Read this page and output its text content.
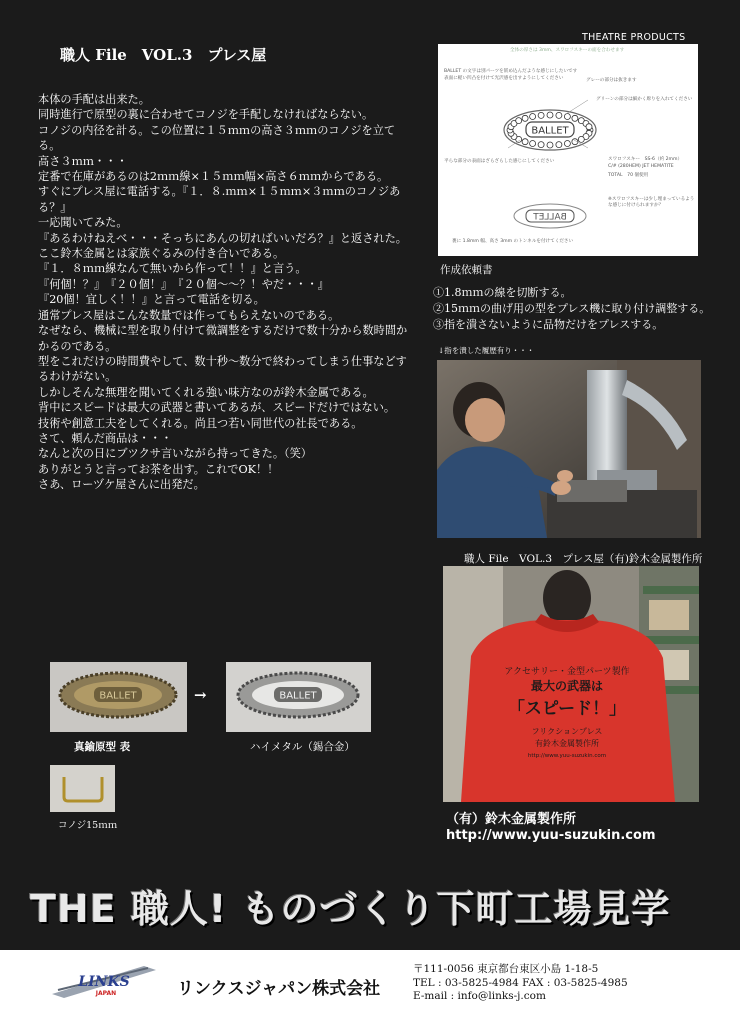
職人 File　VOL.3　プレス屋
本体の手配は出来た。
同時進行で原型の裏に合わせてコノジを手配しなければならない。
コノジの内径を計る。この位置に１５ｍｍの高さ３ｍｍのコノジを立てる。
高さ３ｍｍ・・・
定番で在庫があるのは2ｍｍ線×１５ｍｍ幅×高さ６ｍｍからである。
すぐにプレス屋に電話する。『１．８.ｍｍ×１５ｍｍ×３ｍｍのコノジある？』
一応聞いてみた。
『あるわけねえべ・・・そっちにあんの切ればいいだろ？』と返された。
ここ鈴木金属とは家族ぐるみの付き合いである。
『１．８ｍｍ線なんて無いから作って！！』と言う。
『何個！？』　『２０個！』　『２０個～～？！やだ・・・』
『20個！宜しく！！』と言って電話を切る。
通常プレス屋はこんな数量では作ってもらえないのである。
なぜなら、機械に型を取り付けて微調整をするだけで数十分から数時間かかるのである。
型をこれだけの時間費やして、数十秒～数分で終わってしまう仕事などするわけがない。
しかしそんな無理を聞いてくれる強い味方なのが鈴木金属である。
背中にスピードは最大の武器と書いてあるが、スピードだけではない。
技術や創意工夫をしてくれる。尚且つ若い同世代の社長である。
さて、頼んだ商品は・・・
なんと次の日にブツクサ言いながら持ってきた。（笑）
ありがとうと言ってお茶を出す。これでOK！！
さあ、ローヅケ屋さんに出発だ。
THEATRE PRODUCTS
BALLET
BALLET
全体の厚さは 3mm、スワロフスキーの面を合わせます
BALLET の文字は別パーツを嵌め込んだような感じにしたいです
表面に軽い凹凸を付けて光沢感を出すようにしてください	グレーの部分は抜きます
グリーンの部分は細かく彫りを入れてください
平らな部分の表面はざらざらした感じにしてください	スワロフスキー　SS-6（約 2mm）
C/# (280HEM) JET HEMATITE
TOTAL　70 個使用
※スワロフスキーは少し埋まっているような感じに付けられますか？
裏に 1.8mm 幅、高さ 3mm のトンネルを付けてください
作成依頼書
①1.8ｍｍの線を切断する。
②15ｍｍの曲げ用の型をプレス機に取り付け調整する。
③指を潰さないように品物だけをプレスする。
↓指を潰した履歴有り・・・
職人 File　VOL.3　プレス屋（有)鈴木金属製作所
アクセサリー・金型パーツ製作
最大の武器は
「スピード！」
フリクションプレス
有鈴木金属製作所
http://www.yuu-suzukin.com
（有）鈴木金属製作所
http://www.yuu-suzukin.com
BALLET	→	BALLET
真鍮原型 表	ハイメタル（錫合金）
コノジ15ｍｍ
THE 職人! ものづくり下町工場見学
LINKS
JAPAN	リンクスジャパン株式会社
〒111-0056 東京都台東区小島 1-18-5
TEL : 03-5825-4984 FAX : 03-5825-4985
E-mail : info@links-j.com
